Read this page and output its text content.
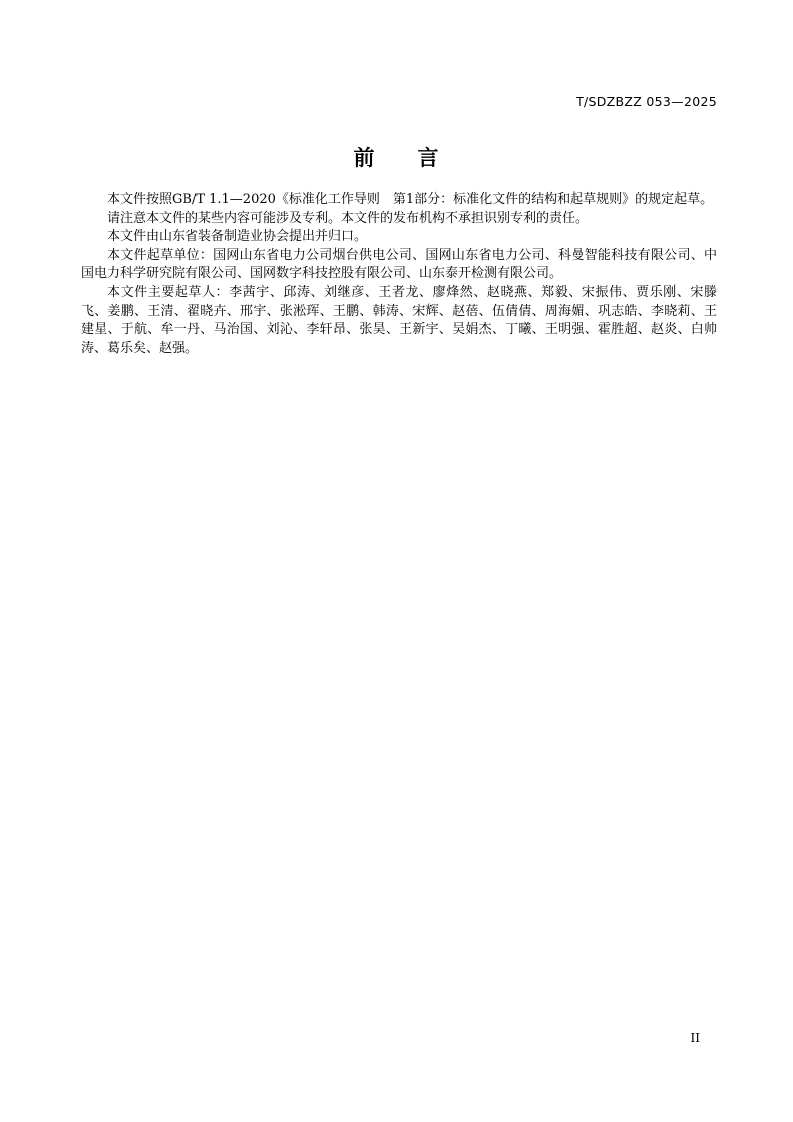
T/SDZBZZ 053—2025
前 言

本文件按照GB/T 1.1—2020《标准化工作导则　第1部分：标准化文件的结构和起草规则》的规定起草。

请注意本文件的某些内容可能涉及专利。本文件的发布机构不承担识别专利的责任。

本文件由山东省装备制造业协会提出并归口。

本文件起草单位：国网山东省电力公司烟台供电公司、国网山东省电力公司、科曼智能科技有限公司、中国电力科学研究院有限公司、国网数字科技控股有限公司、山东泰开检测有限公司。

本文件主要起草人：李茜宇、邱涛、刘继彦、王者龙、廖烽然、赵晓燕、郑毅、宋振伟、贾乐刚、宋滕飞、姜鹏、王清、翟晓卉、邢宇、张淞珲、王鹏、韩涛、宋辉、赵蓓、伍倩倩、周海媚、巩志皓、李晓莉、王建星、于航、牟一丹、马治国、刘沁、李轩昂、张昊、王新宇、吴娟杰、丁曦、王明强、霍胜超、赵炎、白帅涛、葛乐矣、赵强。

II
